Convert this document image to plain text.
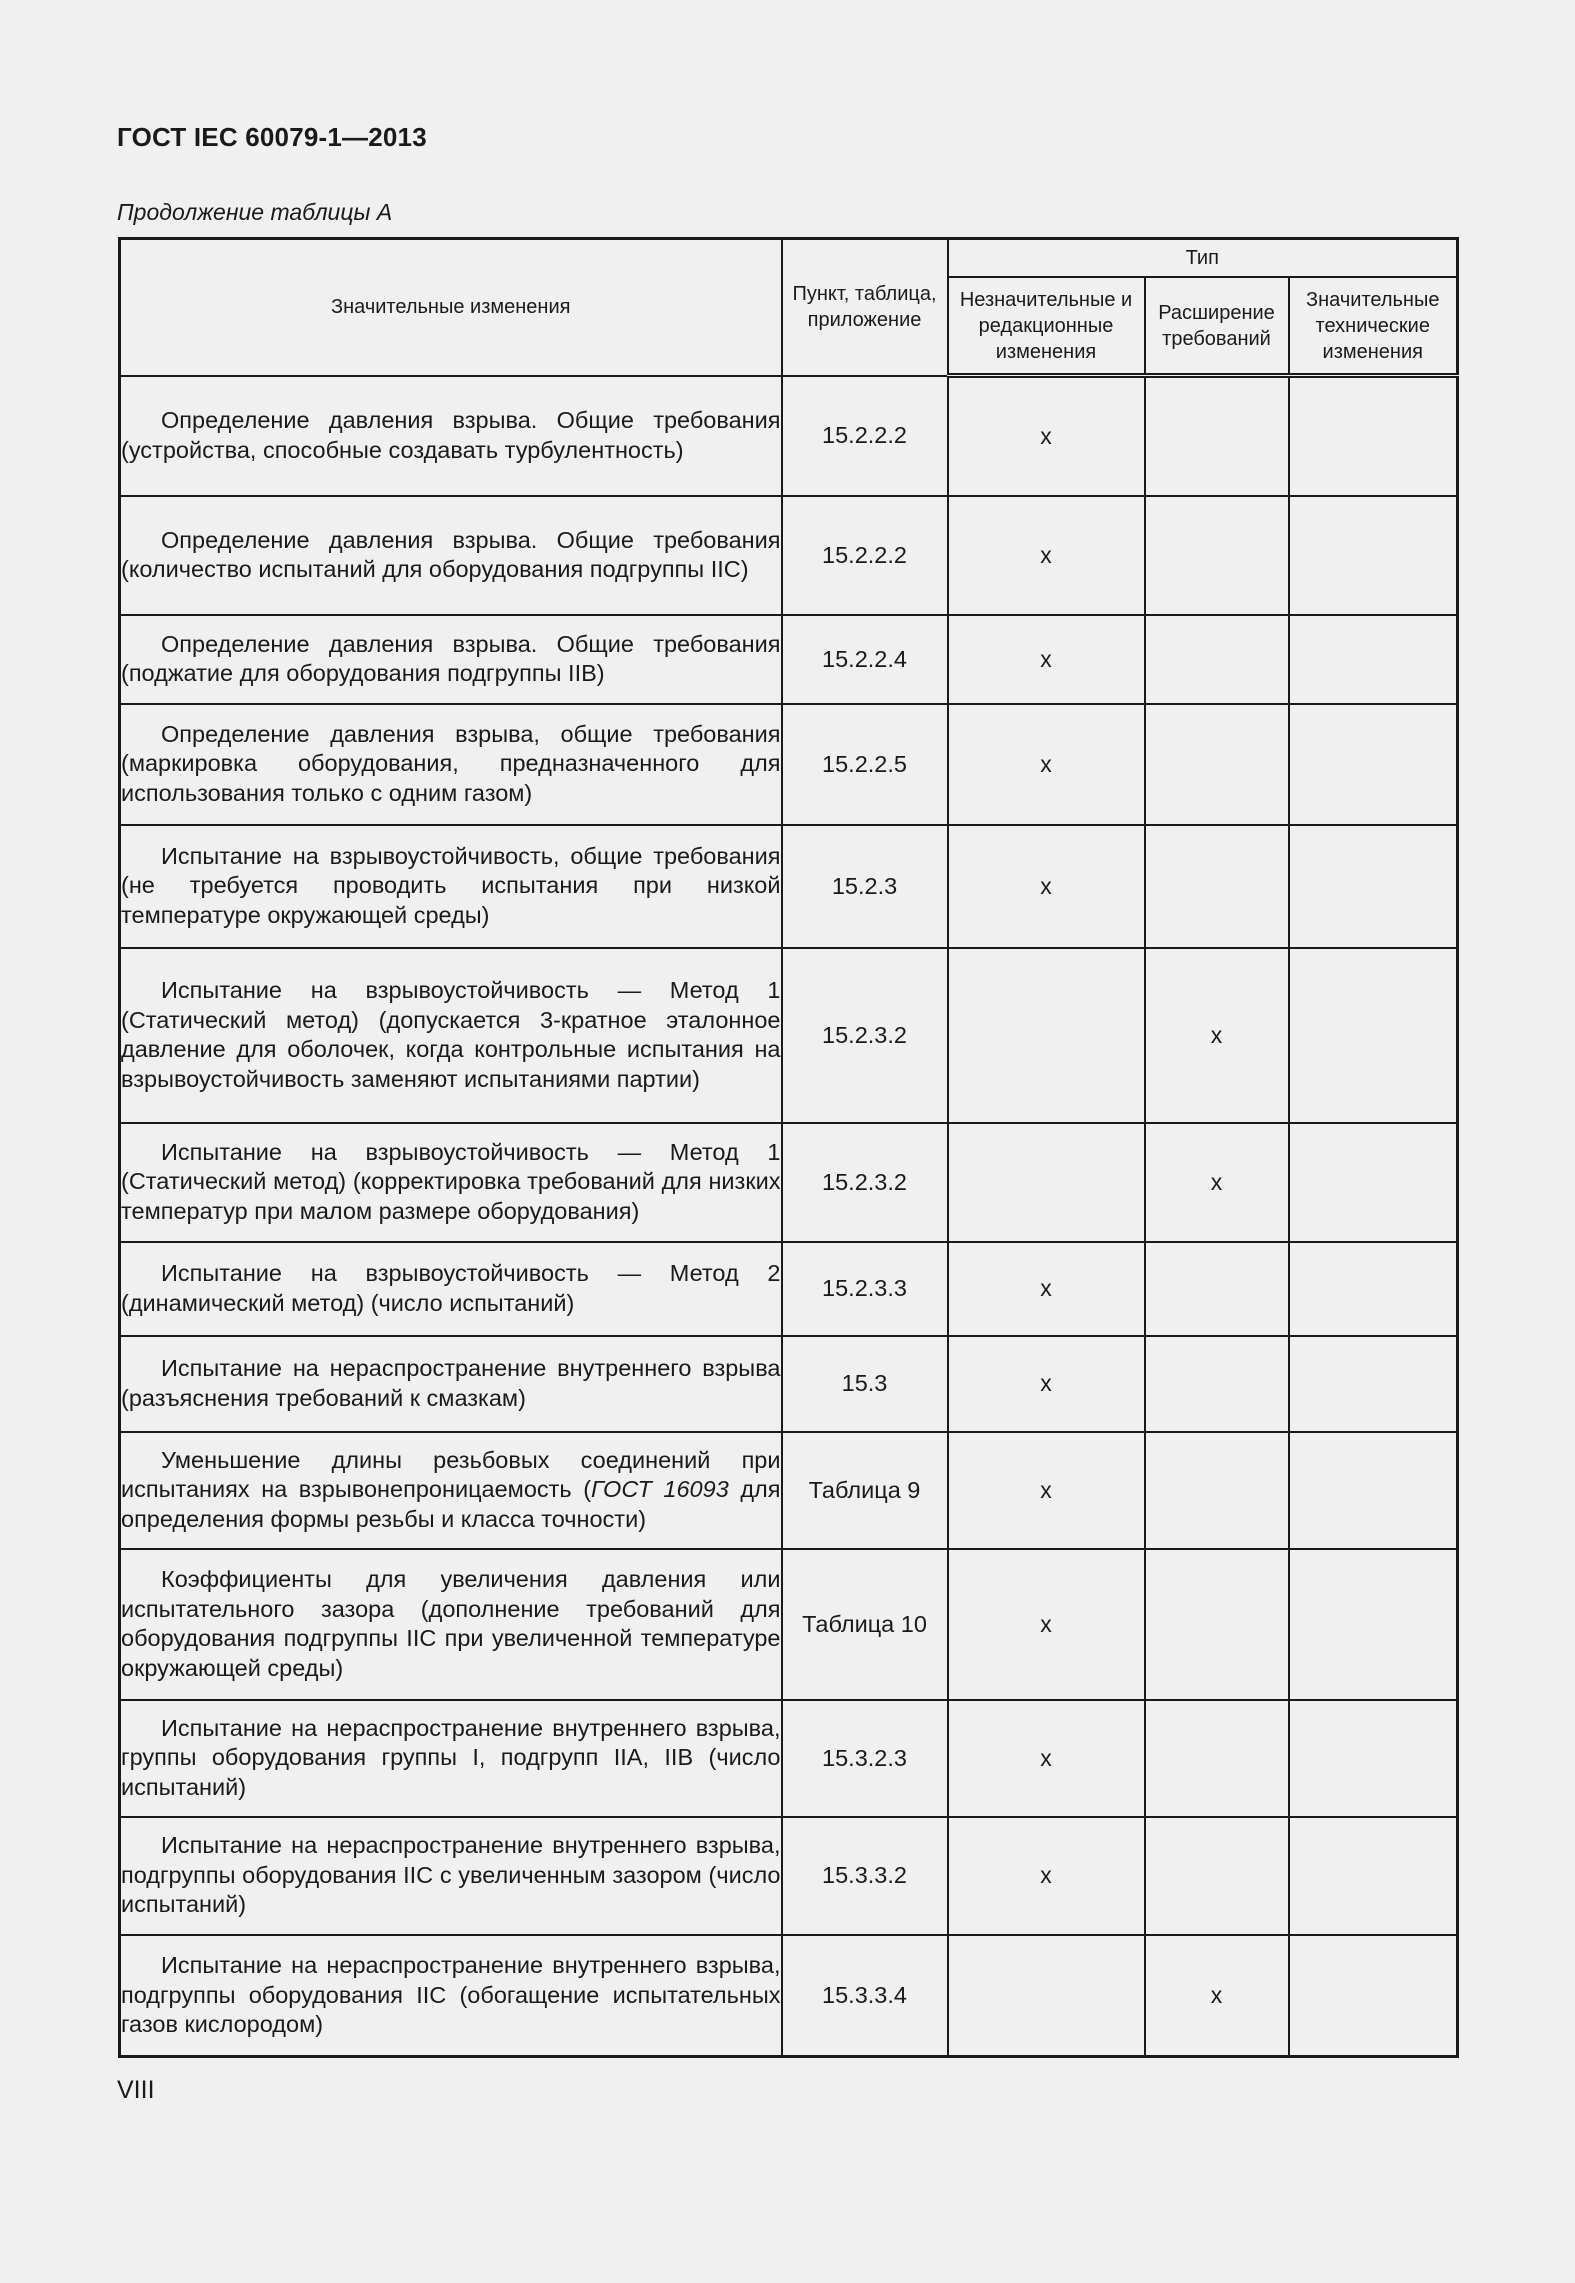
ГОСТ IEC 60079-1—2013
Продолжение таблицы А
Значительные изменения	Пункт, таблица, приложение	Тип		
		Незначительные и редакционные изменения	Расширение требований	Значительные технические изменения
Определение давления взрыва. Общие требования (устройства, способные создавать турбулентность)	15.2.2.2	x		
Определение давления взрыва. Общие требования (количество испытаний для оборудования подгруппы IIC)	15.2.2.2	x		
Определение давления взрыва. Общие требования (поджатие для оборудования подгруппы IIB)	15.2.2.4	x		
Определение давления взрыва, общие требования (маркировка оборудования, предназначенного для использования только с одним газом)	15.2.2.5	x		
Испытание на взрывоустойчивость, общие требования (не требуется проводить испытания при низкой температуре окружающей среды)	15.2.3	x		
Испытание на взрывоустойчивость — Метод 1 (Статический метод) (допускается 3-кратное эталонное давление для оболочек, когда контрольные испытания на взрывоустойчивость заменяют испытаниями партии)	15.2.3.2		x	
Испытание на взрывоустойчивость — Метод 1 (Статический метод) (корректировка требований для низких температур при малом размере оборудования)	15.2.3.2		x	
Испытание на взрывоустойчивость — Метод 2 (динамический метод) (число испытаний)	15.2.3.3	x		
Испытание на нераспространение внутреннего взрыва (разъяснения требований к смазкам)	15.3	x		
Уменьшение длины резьбовых соединений при испытаниях на взрывонепроницаемость (ГОСТ 16093 для определения формы резьбы и класса точности)	Таблица 9	x		
Коэффициенты для увеличения давления или испытательного зазора (дополнение требований для оборудования подгруппы IIC при увеличенной температуре окружающей среды)	Таблица 10	x		
Испытание на нераспространение внутреннего взрыва, группы оборудования группы I, подгрупп IIA, IIB (число испытаний)	15.3.2.3	x		
Испытание на нераспространение внутреннего взрыва, подгруппы оборудования IIC с увеличенным зазором (число испытаний)	15.3.3.2	x		
Испытание на нераспространение внутреннего взрыва, подгруппы оборудования IIC (обогащение испытательных газов кислородом)	15.3.3.4		x	
VIII
